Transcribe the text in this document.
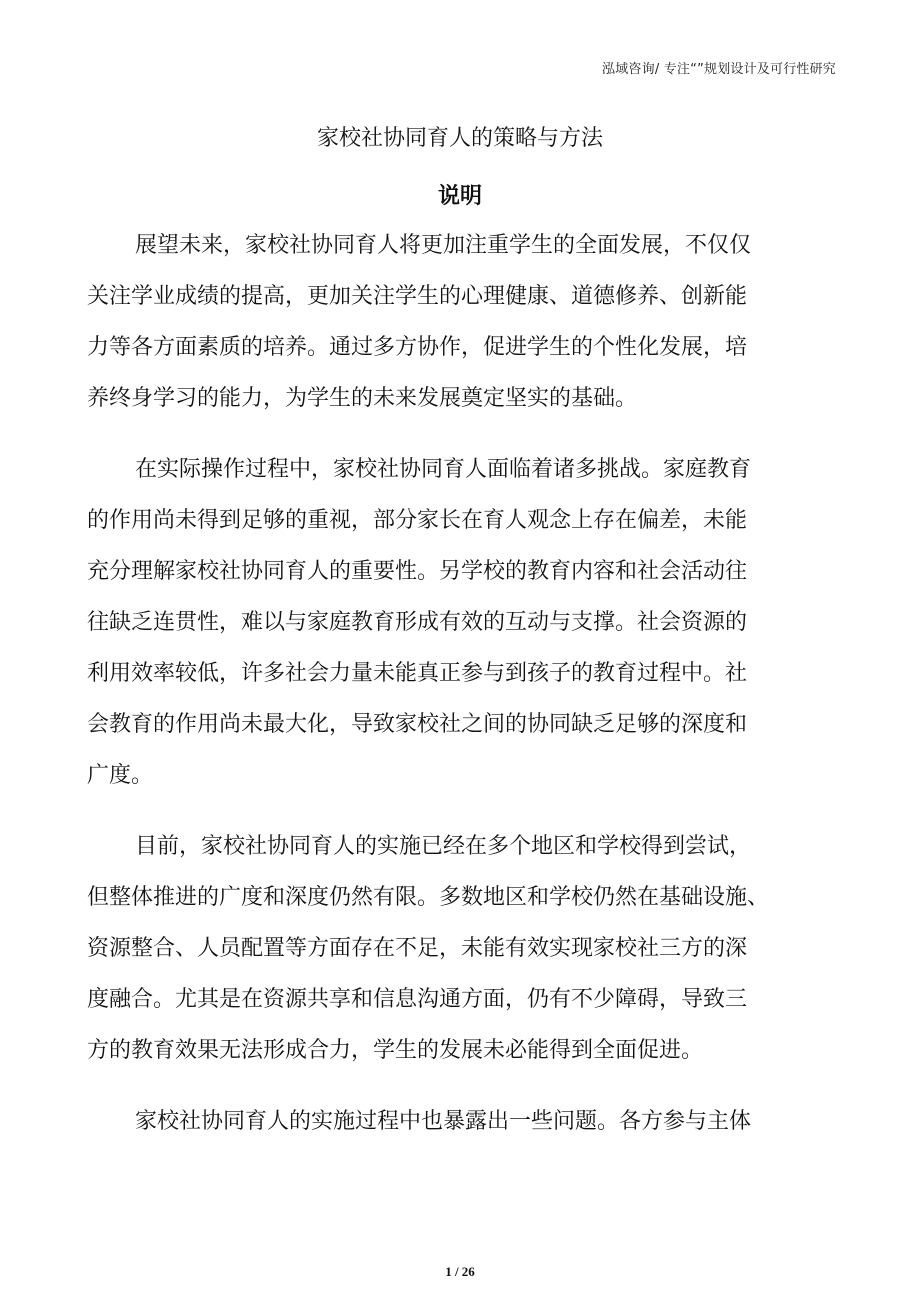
泓域咨询/ 专注“”规划设计及可行性研究
家校社协同育人的策略与方法
说明
展望未来，家校社协同育人将更加注重学生的全面发展，不仅仅
关注学业成绩的提高，更加关注学生的心理健康、道德修养、创新能
力等各方面素质的培养。通过多方协作，促进学生的个性化发展，培
养终身学习的能力，为学生的未来发展奠定坚实的基础。
在实际操作过程中，家校社协同育人面临着诸多挑战。家庭教育
的作用尚未得到足够的重视，部分家长在育人观念上存在偏差，未能
充分理解家校社协同育人的重要性。另学校的教育内容和社会活动往
往缺乏连贯性，难以与家庭教育形成有效的互动与支撑。社会资源的
利用效率较低，许多社会力量未能真正参与到孩子的教育过程中。社
会教育的作用尚未最大化，导致家校社之间的协同缺乏足够的深度和
广度。
目前，家校社协同育人的实施已经在多个地区和学校得到尝试，
但整体推进的广度和深度仍然有限。多数地区和学校仍然在基础设施、
资源整合、人员配置等方面存在不足，未能有效实现家校社三方的深
度融合。尤其是在资源共享和信息沟通方面，仍有不少障碍，导致三
方的教育效果无法形成合力，学生的发展未必能得到全面促进。
家校社协同育人的实施过程中也暴露出一些问题。各方参与主体
1 / 26
